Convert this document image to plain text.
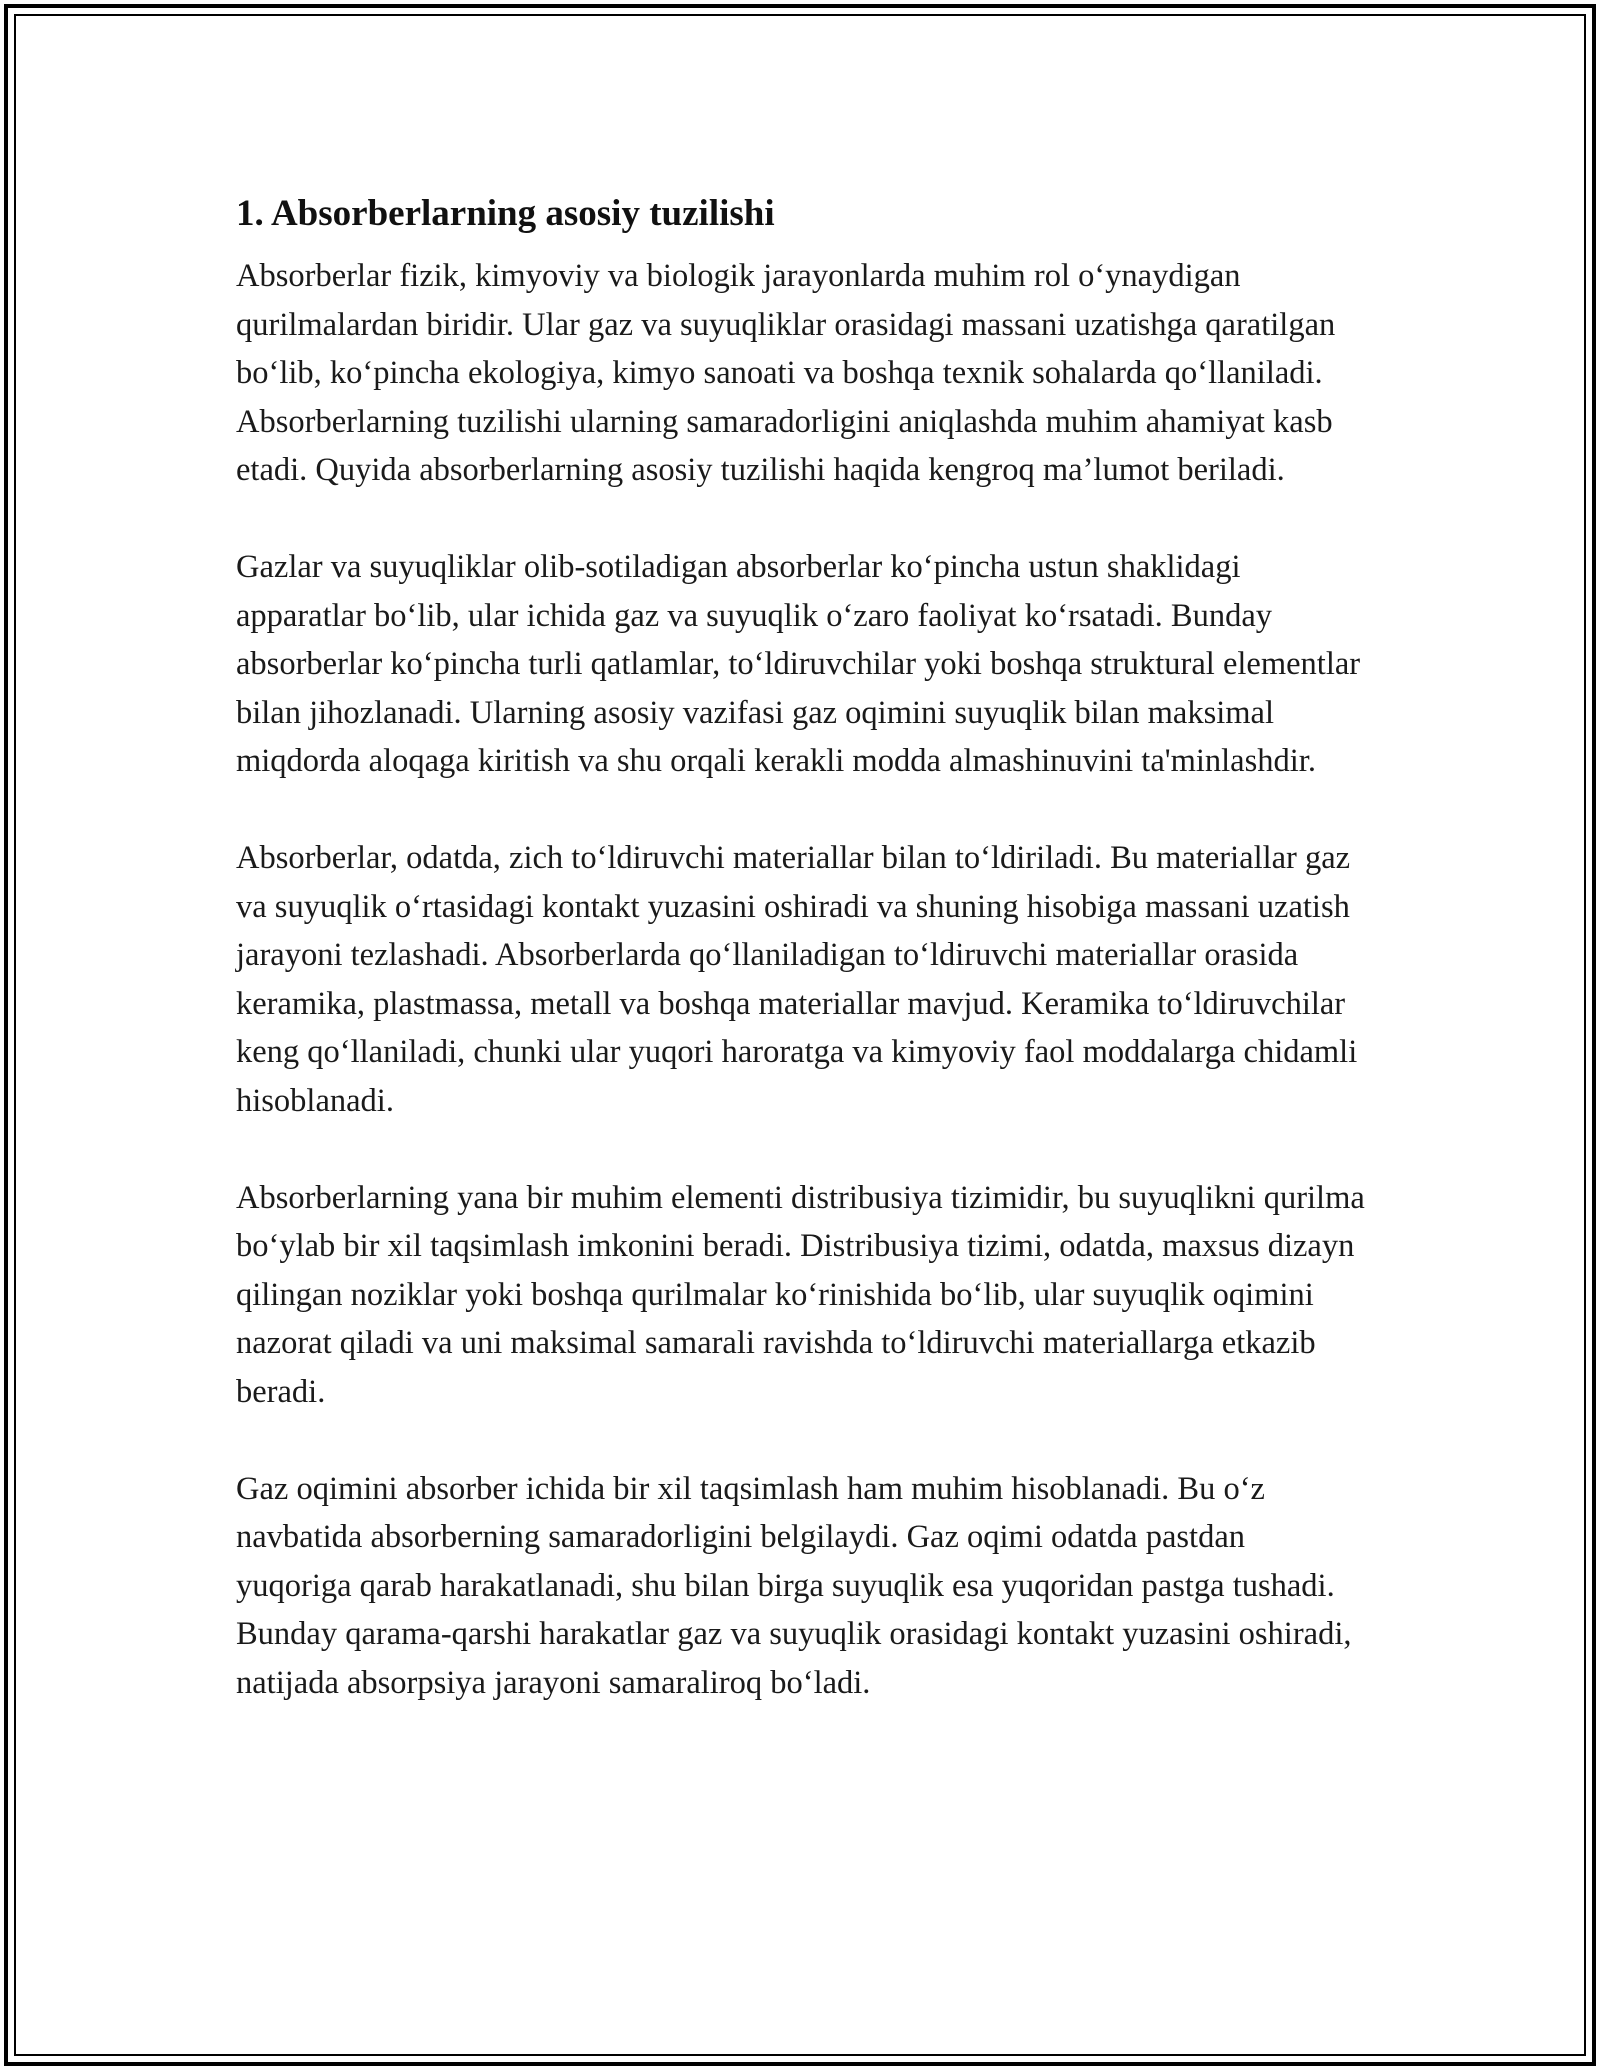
1. Absorberlarning asosiy tuzilishi

Absorberlar fizik, kimyoviy va biologik jarayonlarda muhim rol o‘ynaydigan qurilmalardan biridir. Ular gaz va suyuqliklar orasidagi massani uzatishga qaratilgan bo‘lib, ko‘pincha ekologiya, kimyo sanoati va boshqa texnik sohalarda qo‘llaniladi. Absorberlarning tuzilishi ularning samaradorligini aniqlashda muhim ahamiyat kasb etadi. Quyida absorberlarning asosiy tuzilishi haqida kengroq ma’lumot beriladi.

Gazlar va suyuqliklar olib-sotiladigan absorberlar ko‘pincha ustun shaklidagi apparatlar bo‘lib, ular ichida gaz va suyuqlik o‘zaro faoliyat ko‘rsatadi. Bunday absorberlar ko‘pincha turli qatlamlar, to‘ldiruvchilar yoki boshqa struktural elementlar bilan jihozlanadi. Ularning asosiy vazifasi gaz oqimini suyuqlik bilan maksimal miqdorda aloqaga kiritish va shu orqali kerakli modda almashinuvini ta'minlashdir.

Absorberlar, odatda, zich to‘ldiruvchi materiallar bilan to‘ldiriladi. Bu materiallar gaz va suyuqlik o‘rtasidagi kontakt yuzasini oshiradi va shuning hisobiga massani uzatish jarayoni tezlashadi. Absorberlarda qo‘llaniladigan to‘ldiruvchi materiallar orasida keramika, plastmassa, metall va boshqa materiallar mavjud. Keramika to‘ldiruvchilar keng qo‘llaniladi, chunki ular yuqori haroratga va kimyoviy faol moddalarga chidamli hisoblanadi.

Absorberlarning yana bir muhim elementi distribusiya tizimidir, bu suyuqlikni qurilma bo‘ylab bir xil taqsimlash imkonini beradi. Distribusiya tizimi, odatda, maxsus dizayn qilingan noziklar yoki boshqa qurilmalar ko‘rinishida bo‘lib, ular suyuqlik oqimini nazorat qiladi va uni maksimal samarali ravishda to‘ldiruvchi materiallarga etkazib beradi.

Gaz oqimini absorber ichida bir xil taqsimlash ham muhim hisoblanadi. Bu o‘z navbatida absorberning samaradorligini belgilaydi. Gaz oqimi odatda pastdan yuqoriga qarab harakatlanadi, shu bilan birga suyuqlik esa yuqoridan pastga tushadi. Bunday qarama-qarshi harakatlar gaz va suyuqlik orasidagi kontakt yuzasini oshiradi, natijada absorpsiya jarayoni samaraliroq bo‘ladi.
